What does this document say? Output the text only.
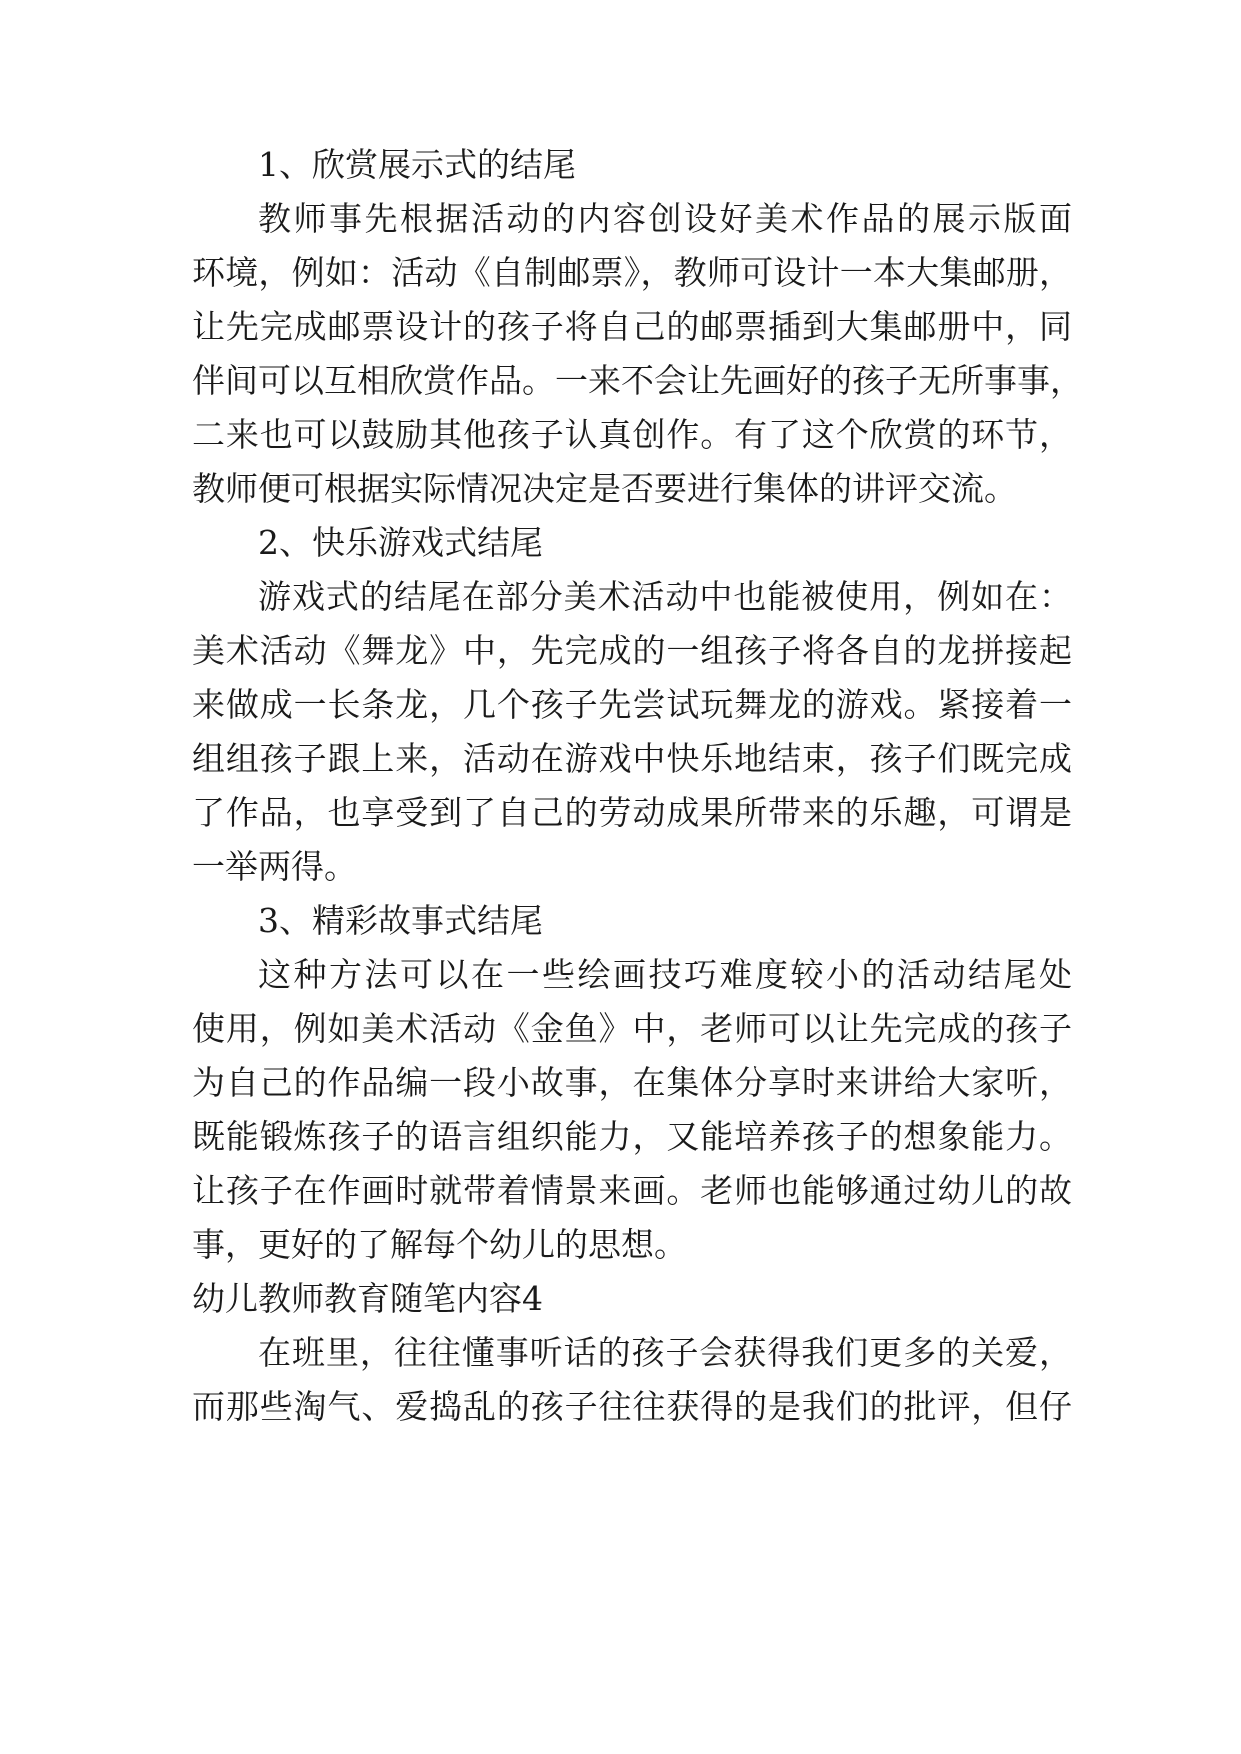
1、欣赏展示式的结尾
教师事先根据活动的内容创设好美术作品的展示版面
环境，例如：活动《自制邮票》，教师可设计一本大集邮册，
让先完成邮票设计的孩子将自己的邮票插到大集邮册中，同
伴间可以互相欣赏作品。一来不会让先画好的孩子无所事事，
二来也可以鼓励其他孩子认真创作。有了这个欣赏的环节，
教师便可根据实际情况决定是否要进行集体的讲评交流。
2、快乐游戏式结尾
游戏式的结尾在部分美术活动中也能被使用，例如在：
美术活动《舞龙》中，先完成的一组孩子将各自的龙拼接起
来做成一长条龙，几个孩子先尝试玩舞龙的游戏。紧接着一
组组孩子跟上来，活动在游戏中快乐地结束，孩子们既完成
了作品，也享受到了自己的劳动成果所带来的乐趣，可谓是
一举两得。
3、精彩故事式结尾
这种方法可以在一些绘画技巧难度较小的活动结尾处
使用，例如美术活动《金鱼》中，老师可以让先完成的孩子
为自己的作品编一段小故事，在集体分享时来讲给大家听，
既能锻炼孩子的语言组织能力，又能培养孩子的想象能力。
让孩子在作画时就带着情景来画。老师也能够通过幼儿的故
事，更好的了解每个幼儿的思想。
幼儿教师教育随笔内容4
在班里，往往懂事听话的孩子会获得我们更多的关爱，
而那些淘气、爱捣乱的孩子往往获得的是我们的批评，但仔
